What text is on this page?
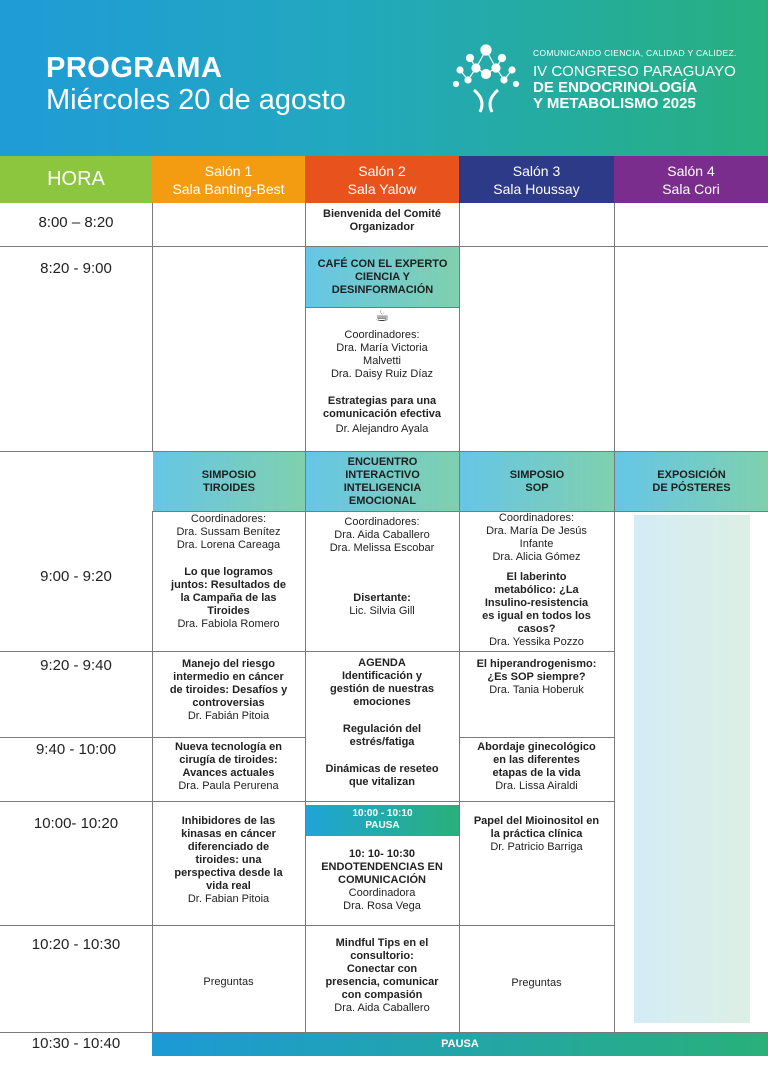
PROGRAMA
Miércoles 20 de agosto
COMUNICANDO CIENCIA, CALIDAD Y CALIDEZ.
IV CONGRESO PARAGUAYO
DE ENDOCRINOLOGÍA
Y METABOLISMO 2025
HORA	Salón 1
Sala Banting-Best
Salón 2
Sala Yalow
Salón 3
Sala Houssay
Salón 4
Sala Cori
8:00 – 8:20
8:20 - 9:00
9:00 - 9:20
9:20 - 9:40
9:40 - 10:00
10:00- 10:20
10:20 - 10:30
10:30 - 10:40
Bienvenida del Comité
Organizador
CAFÉ CON EL EXPERTO
CIENCIA Y
DESINFORMACIÓN
☕
Coordinadores:
Dra. María Victoria
Malvetti
Dra. Daisy Ruiz Díaz
Estrategias para una
comunicación efectiva
Dr. Alejandro Ayala
SIMPOSIO
TIROIDES
ENCUENTRO
INTERACTIVO
INTELIGENCIA
EMOCIONAL
SIMPOSIO
SOP
EXPOSICIÓN
DE PÓSTERES
Coordinadores:
Dra. Sussam Benítez
Dra. Lorena Careaga
Lo que logramos
juntos: Resultados de
la Campaña de las
Tiroides
Dra. Fabiola Romero
Manejo del riesgo
intermedio en cáncer
de tiroides: Desafíos y
controversias
Dr. Fabián Pitoia
Nueva tecnología en
cirugía de tiroides:
Avances actuales
Dra. Paula Perurena
Inhibidores de las
kinasas en cáncer
diferenciado de
tiroides: una
perspectiva desde la
vida real
Dr. Fabian Pitoia
Preguntas
Coordinadores:
Dra. Aida Caballero
Dra. Melissa Escobar
Disertante:
Lic. Silvia Gill
AGENDA
Identificación y
gestión de nuestras
emociones
Regulación del
estrés/fatiga
Dinámicas de reseteo
que vitalizan
10:00 - 10:10
PAUSA
10: 10- 10:30
ENDOTENDENCIAS EN
COMUNICACIÓN
Coordinadora
Dra. Rosa Vega
Mindful Tips en el
consultorio:
Conectar con
presencia, comunicar
con compasión
Dra. Aida Caballero
Coordinadores:
Dra. María De Jesús
Infante
Dra. Alicia Gómez
El laberinto
metabólico: ¿La
Insulino-resistencia
es igual en todos los
casos?
Dra. Yessika Pozzo
El hiperandrogenismo:
¿Es SOP siempre?
Dra. Tania Hoberuk
Abordaje ginecológico
en las diferentes
etapas de la vida
Dra. Lissa Airaldi
Papel del Mioinositol en
la práctica clínica
Dr. Patricio Barriga
Preguntas
PAUSA
